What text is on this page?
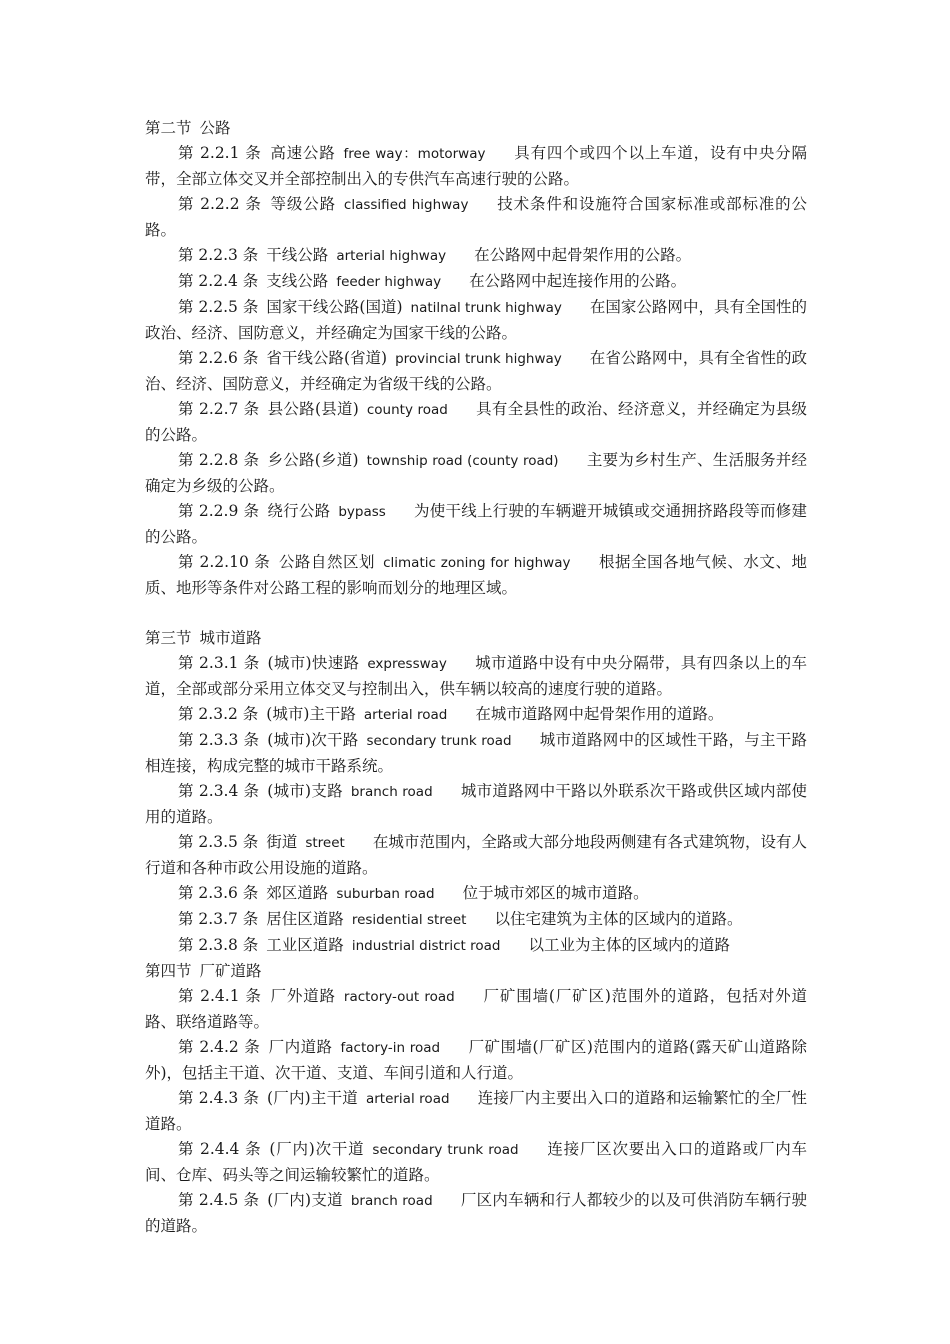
第二节 公路

第 2.2.1 条 高速公路 free way：motorway 具有四个或四个以上车道，设有中央分隔带，全部立体交叉并全部控制出入的专供汽车高速行驶的公路。

第 2.2.2 条 等级公路 classified highway 技术条件和设施符合国家标准或部标准的公路。

第 2.2.3 条 干线公路 arterial highway 在公路网中起骨架作用的公路。

第 2.2.4 条 支线公路 feeder highway 在公路网中起连接作用的公路。

第 2.2.5 条 国家干线公路(国道) natilnal trunk highway 在国家公路网中，具有全国性的政治、经济、国防意义，并经确定为国家干线的公路。

第 2.2.6 条 省干线公路(省道) provincial trunk highway 在省公路网中，具有全省性的政治、经济、国防意义，并经确定为省级干线的公路。

第 2.2.7 条 县公路(县道) county road 具有全县性的政治、经济意义，并经确定为县级的公路。

第 2.2.8 条 乡公路(乡道) township road (county road) 主要为乡村生产、生活服务并经确定为乡级的公路。

第 2.2.9 条 绕行公路 bypass 为使干线上行驶的车辆避开城镇或交通拥挤路段等而修建的公路。

第 2.2.10 条 公路自然区划 climatic zoning for highway 根据全国各地气候、水文、地质、地形等条件对公路工程的影响而划分的地理区域。

第三节 城市道路

第 2.3.1 条 (城市)快速路 expressway 城市道路中设有中央分隔带，具有四条以上的车道，全部或部分采用立体交叉与控制出入，供车辆以较高的速度行驶的道路。

第 2.3.2 条 (城市)主干路 arterial road 在城市道路网中起骨架作用的道路。

第 2.3.3 条 (城市)次干路 secondary trunk road 城市道路网中的区域性干路，与主干路相连接，构成完整的城市干路系统。

第 2.3.4 条 (城市)支路 branch road 城市道路网中干路以外联系次干路或供区域内部使用的道路。

第 2.3.5 条 街道 street 在城市范围内，全路或大部分地段两侧建有各式建筑物，设有人行道和各种市政公用设施的道路。

第 2.3.6 条 郊区道路 suburban road 位于城市郊区的城市道路。

第 2.3.7 条 居住区道路 residential street 以住宅建筑为主体的区域内的道路。

第 2.3.8 条 工业区道路 industrial district road 以工业为主体的区域内的道路

第四节 厂矿道路

第 2.4.1 条 厂外道路 ractory-out road 厂矿围墙(厂矿区)范围外的道路，包括对外道路、联络道路等。

第 2.4.2 条 厂内道路 factory-in road 厂矿围墙(厂矿区)范围内的道路(露天矿山道路除外)，包括主干道、次干道、支道、车间引道和人行道。

第 2.4.3 条 (厂内)主干道 arterial road 连接厂内主要出入口的道路和运输繁忙的全厂性道路。

第 2.4.4 条 (厂内)次干道 secondary trunk road 连接厂区次要出入口的道路或厂内车间、仓库、码头等之间运输较繁忙的道路。

第 2.4.5 条 (厂内)支道 branch road 厂区内车辆和行人都较少的以及可供消防车辆行驶的道路。
